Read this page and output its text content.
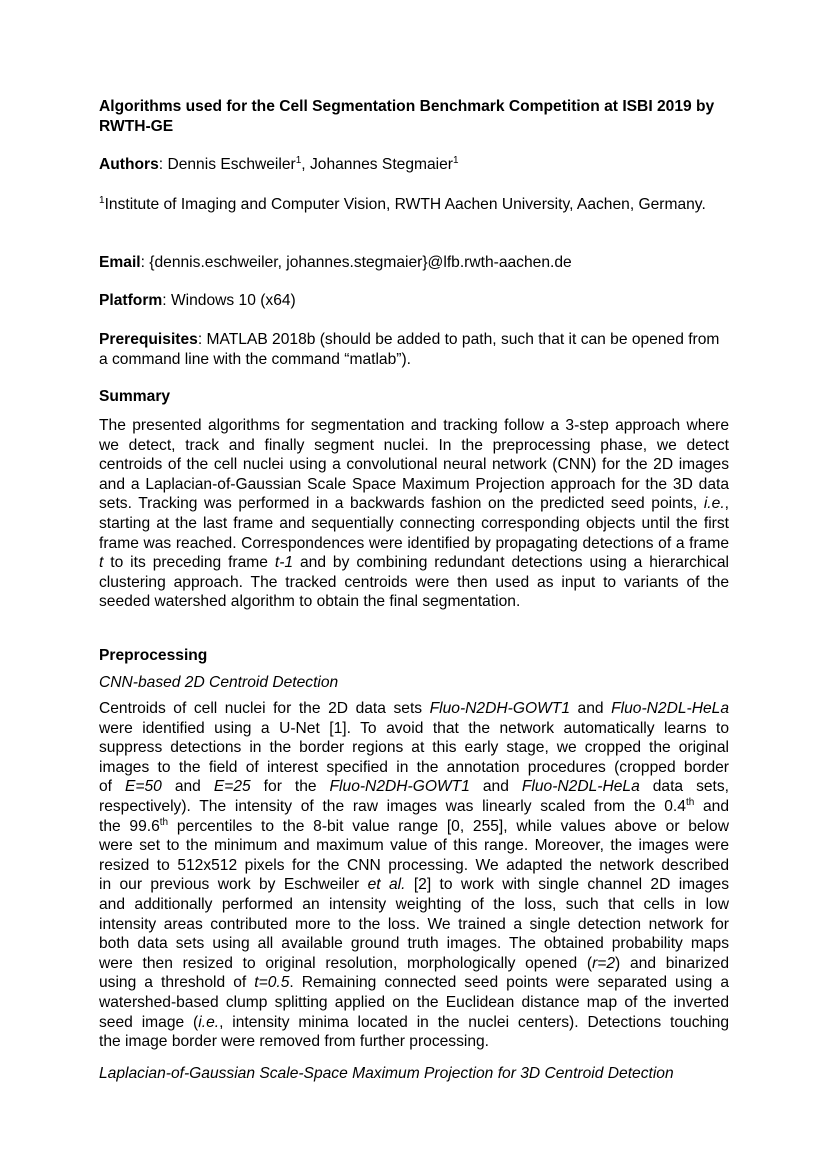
Algorithms used for the Cell Segmentation Benchmark Competition at ISBI 2019 by RWTH-GE
Authors: Dennis Eschweiler$^1$, Johannes Stegmaier$^1$
$^1$Institute of Imaging and Computer Vision, RWTH Aachen University, Aachen, Germany.
Email: {dennis.eschweiler, johannes.stegmaier}@lfb.rwth-aachen.de
Platform: Windows 10 (x64)
Prerequisites: MATLAB 2018b (should be added to path, such that it can be opened from a command line with the command “matlab”).
Summary
The presented algorithms for segmentation and tracking follow a 3-step approach where we detect, track and finally segment nuclei. In the preprocessing phase, we detect centroids of the cell nuclei using a convolutional neural network (CNN) for the 2D images and a Laplacian-of-Gaussian Scale Space Maximum Projection approach for the 3D data sets. Tracking was performed in a backwards fashion on the predicted seed points, i.e., starting at the last frame and sequentially connecting corresponding objects until the first frame was reached. Correspondences were identified by propagating detections of a frame t to its preceding frame t-1 and by combining redundant detections using a hierarchical clustering approach. The tracked centroids were then used as input to variants of the seeded watershed algorithm to obtain the final segmentation.
Preprocessing
CNN-based 2D Centroid Detection
Centroids of cell nuclei for the 2D data sets Fluo-N2DH-GOWT1 and Fluo-N2DL-HeLa
were identified using a U-Net [1]. To avoid that the network automatically learns to
suppress detections in the border regions at this early stage, we cropped the original
images to the field of interest specified in the annotation procedures (cropped border
of E=50 and E=25 for the Fluo-N2DH-GOWT1 and Fluo-N2DL-HeLa data sets,
respectively). The intensity of the raw images was linearly scaled from the 0.4th and
the 99.6th percentiles to the 8-bit value range [0, 255], while values above or below
were set to the minimum and maximum value of this range. Moreover, the images were
resized to 512x512 pixels for the CNN processing. We adapted the network described
in our previous work by Eschweiler et al. [2] to work with single channel 2D images
and additionally performed an intensity weighting of the loss, such that cells in low
intensity areas contributed more to the loss. We trained a single detection network for
both data sets using all available ground truth images. The obtained probability maps
were then resized to original resolution, morphologically opened (r=2) and binarized
using a threshold of t=0.5. Remaining connected seed points were separated using a
watershed-based clump splitting applied on the Euclidean distance map of the inverted
seed image (i.e., intensity minima located in the nuclei centers). Detections touching
the image border were removed from further processing.
Laplacian-of-Gaussian Scale-Space Maximum Projection for 3D Centroid Detection
